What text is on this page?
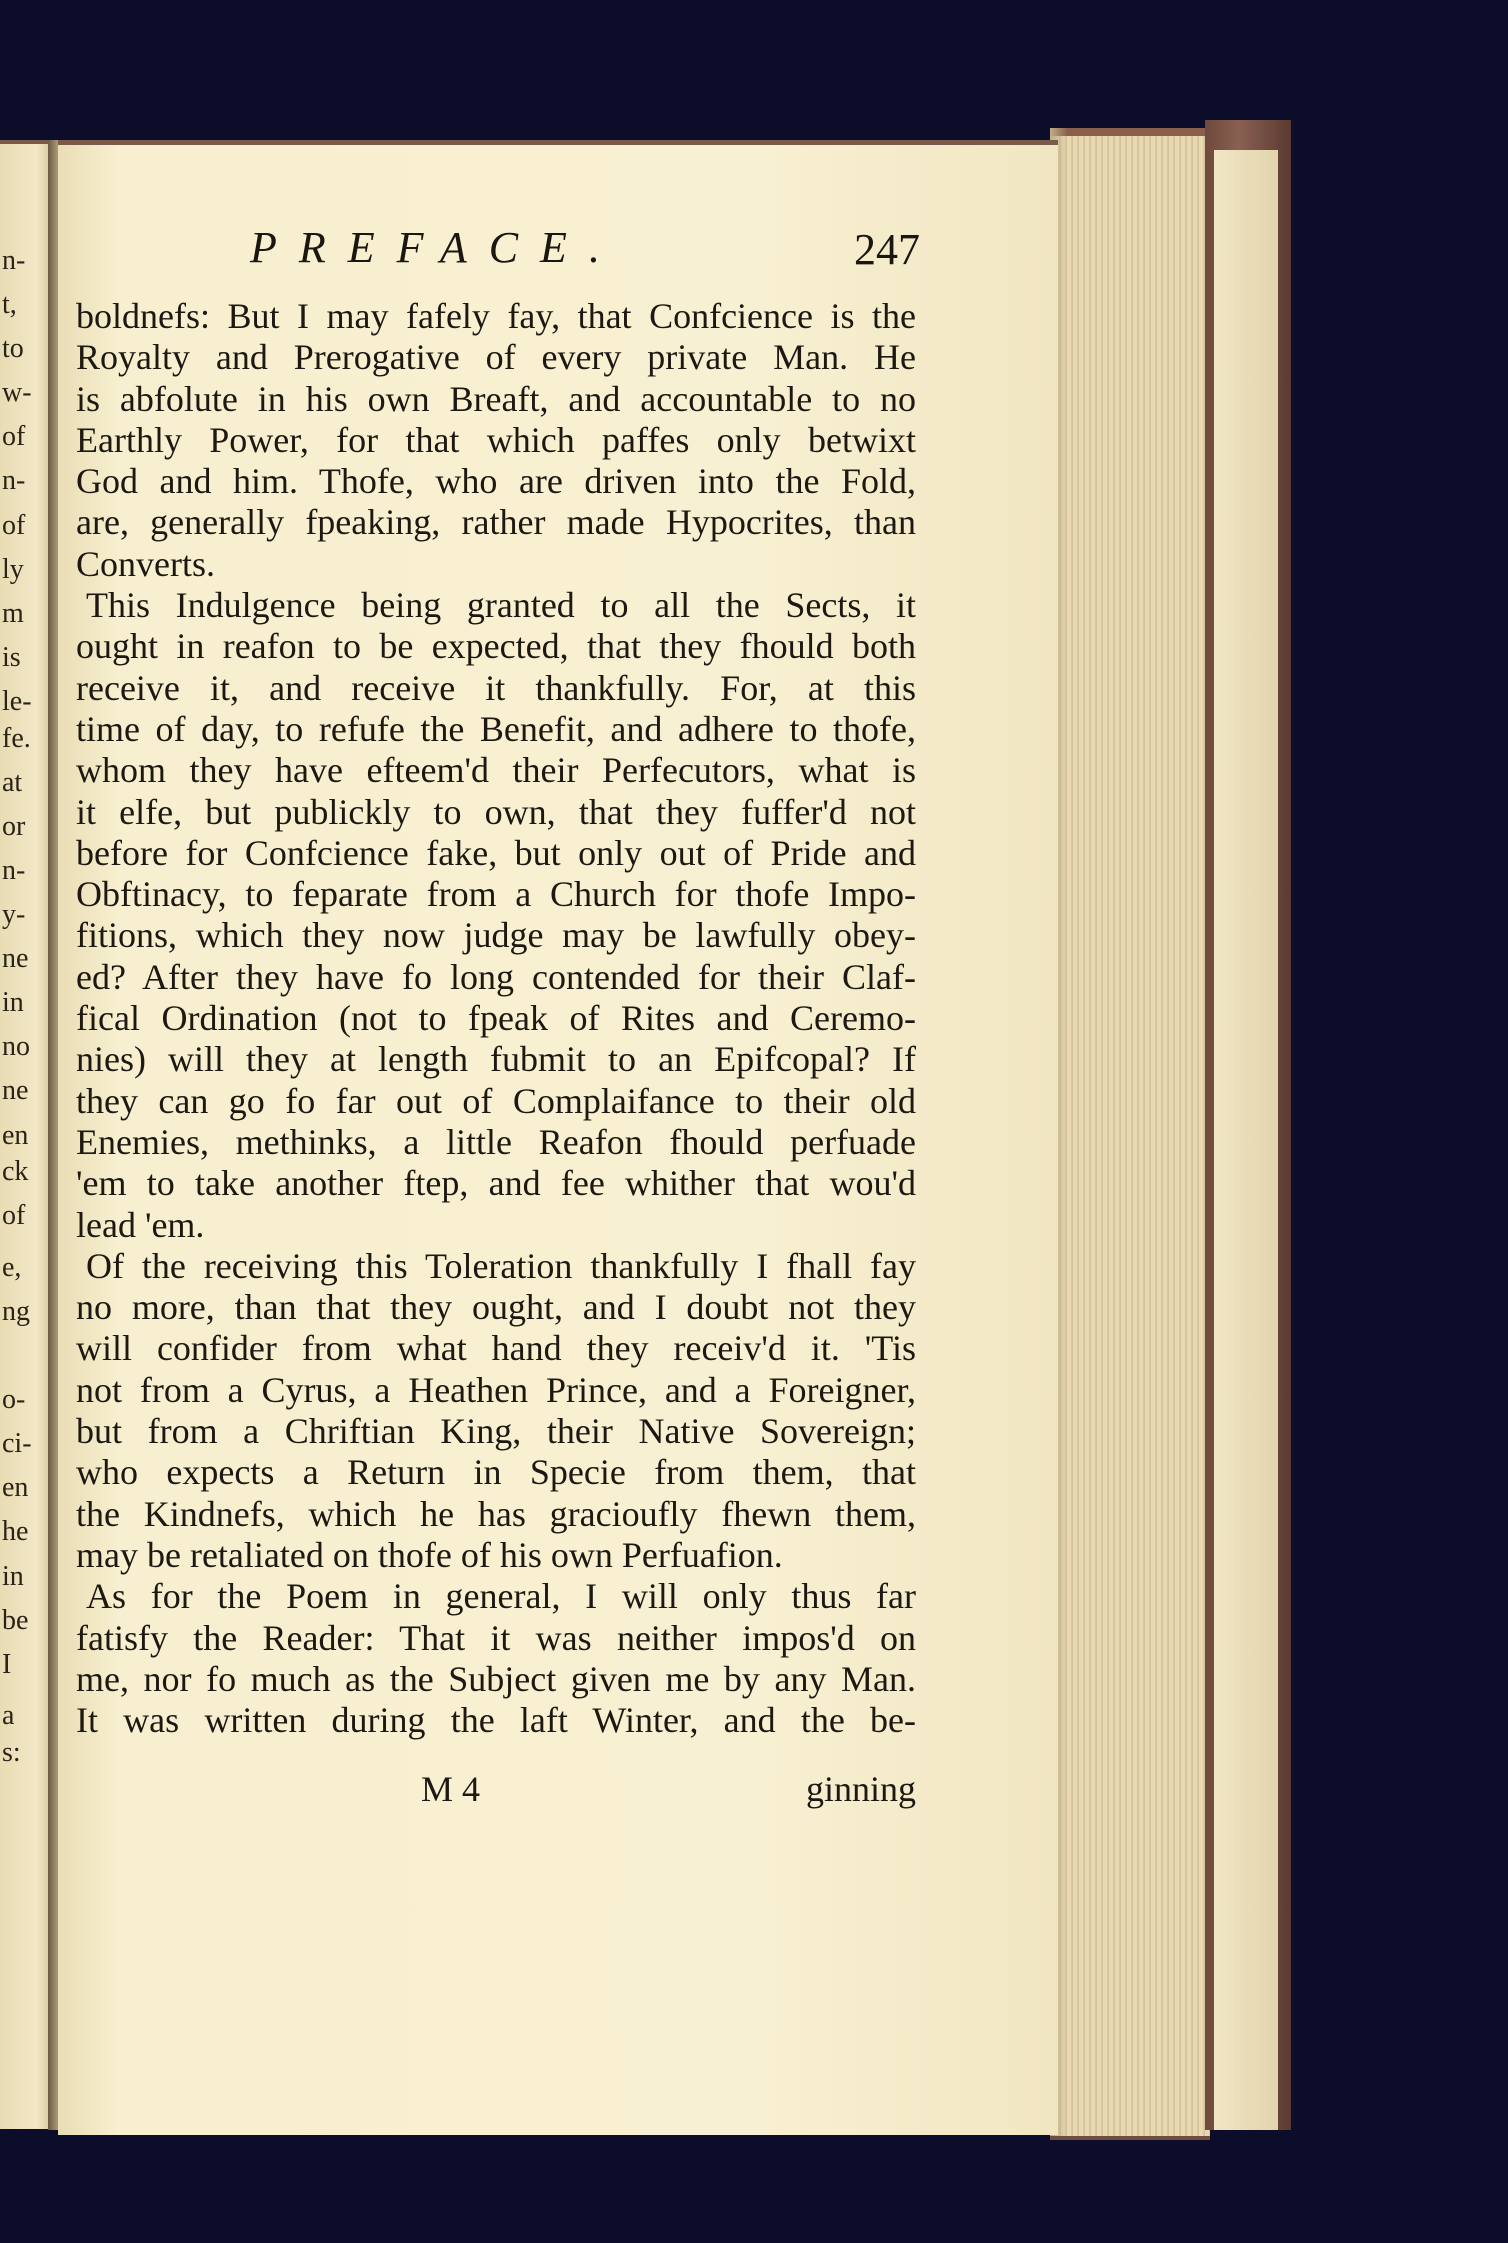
n-
t,
to
w-
of
n-
of
ly
m
is
le-
fe.
at
or
n-
y-
ne
in
no
ne
en
ck
of
e,
ng
o-
ci-
en
he
in
be
I
a
s:
PREFACE.	247
boldnefs: But I may fafely fay, that Confcience is the
Royalty and Prerogative of every private Man. He
is abfolute in his own Breaft, and accountable to no
Earthly Power, for that which paffes only betwixt
God and him. Thofe, who are driven into the Fold,
are, generally fpeaking, rather made Hypocrites, than
Converts.
This Indulgence being granted to all the Sects, it
ought in reafon to be expected, that they fhould both
receive it, and receive it thankfully. For, at this
time of day, to refufe the Benefit, and adhere to thofe,
whom they have efteem'd their Perfecutors, what is
it elfe, but publickly to own, that they fuffer'd not
before for Confcience fake, but only out of Pride and
Obftinacy, to feparate from a Church for thofe Impo-
fitions, which they now judge may be lawfully obey-
ed? After they have fo long contended for their Claf-
fical Ordination (not to fpeak of Rites and Ceremo-
nies) will they at length fubmit to an Epifcopal? If
they can go fo far out of Complaifance to their old
Enemies, methinks, a little Reafon fhould perfuade
'em to take another ftep, and fee whither that wou'd
lead 'em.
Of the receiving this Toleration thankfully I fhall fay
no more, than that they ought, and I doubt not they
will confider from what hand they receiv'd it. 'Tis
not from a Cyrus, a Heathen Prince, and a Foreigner,
but from a Chriftian King, their Native Sovereign;
who expects a Return in Specie from them, that
the Kindnefs, which he has gracioufly fhewn them,
may be retaliated on thofe of his own Perfuafion.
As for the Poem in general, I will only thus far
fatisfy the Reader: That it was neither impos'd on
me, nor fo much as the Subject given me by any Man.
It was written during the laft Winter, and the be-
M 4	ginning
